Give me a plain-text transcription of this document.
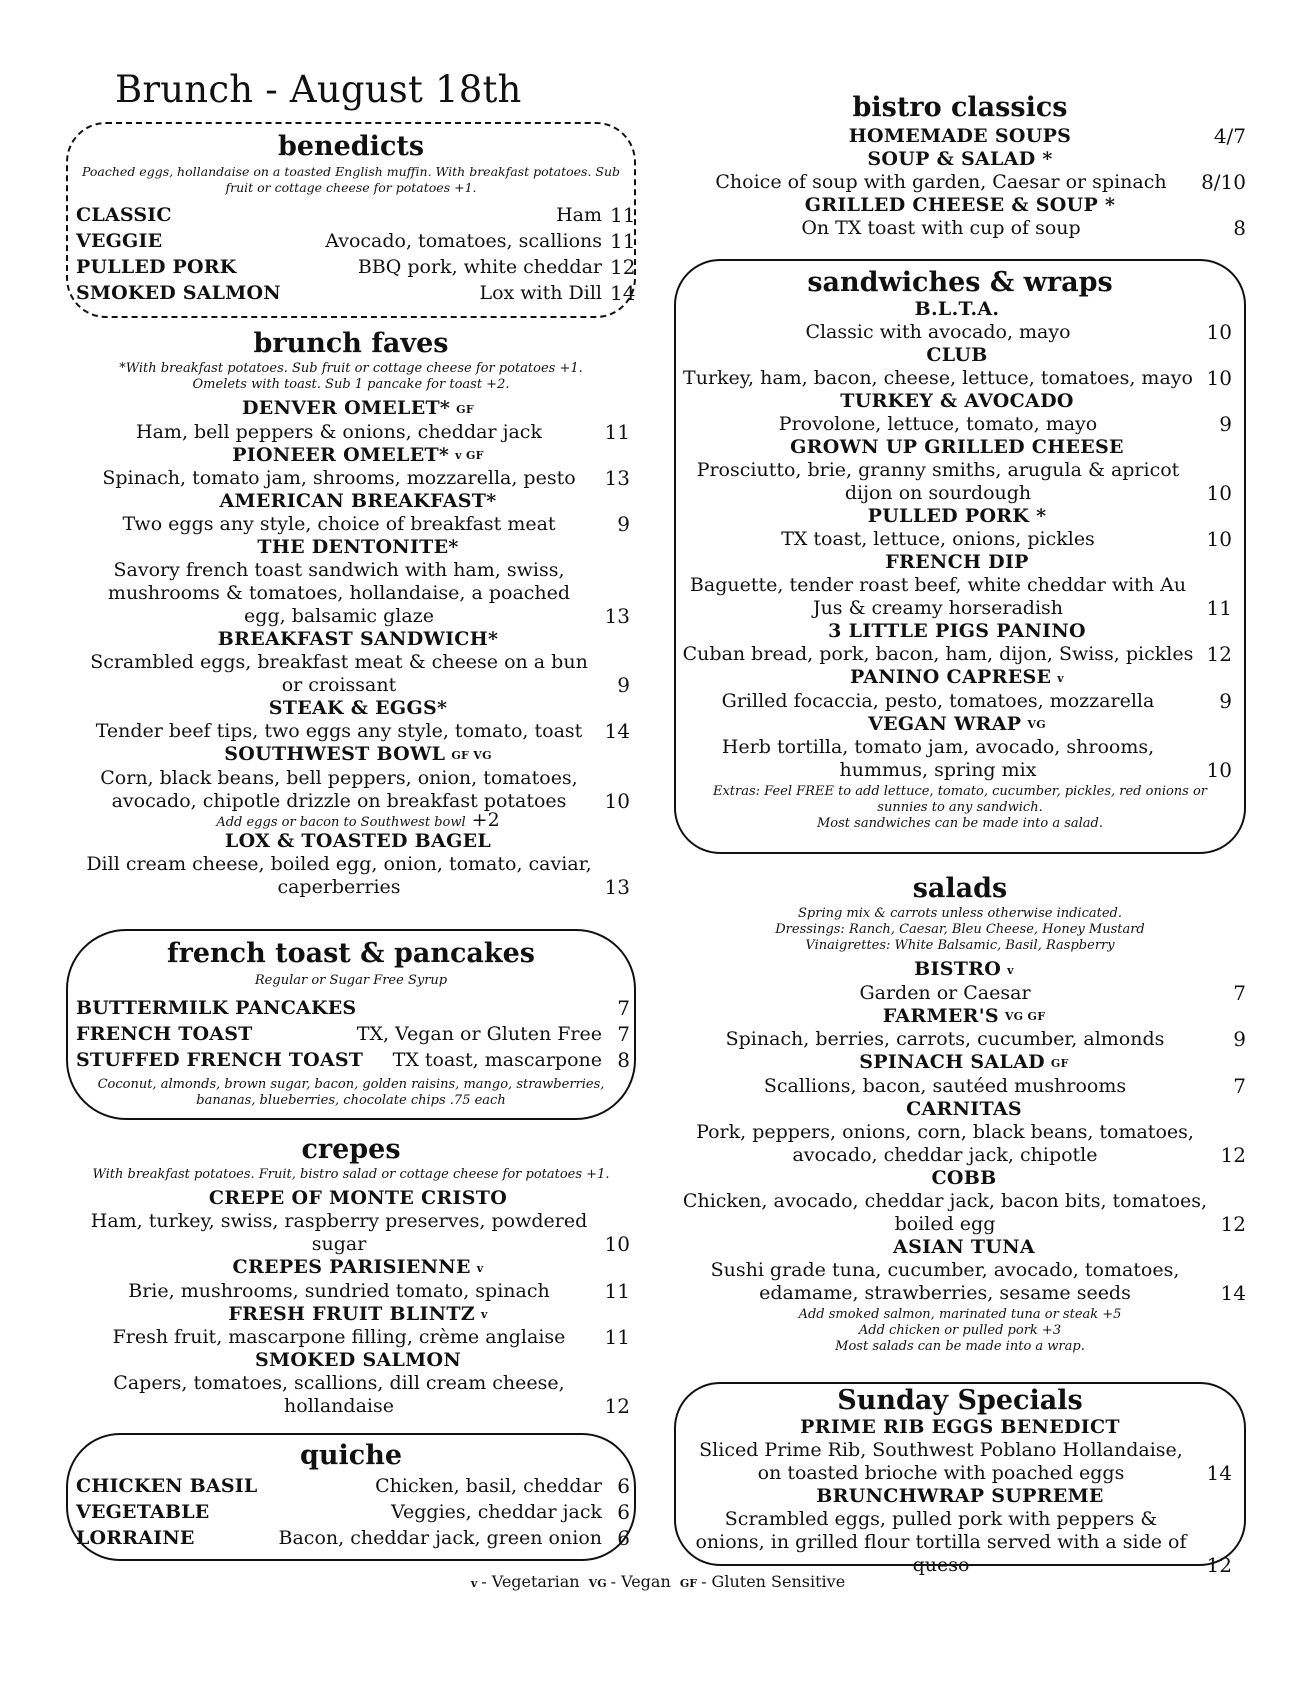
Brunch - August 18th
benedicts
Poached eggs, hollandaise on a toasted English muffin. With breakfast potatoes. Sub fruit or cottage cheese for potatoes +1.
CLASSIC	Ham 11
VEGGIE	Avocado, tomatoes, scallions 11
PULLED PORK	BBQ pork, white cheddar 12
SMOKED SALMON	Lox with Dill 14
brunch faves
*With breakfast potatoes. Sub fruit or cottage cheese for potatoes +1. Omelets with toast. Sub 1 pancake for toast +2.
DENVER OMELET* GF
Ham, bell peppers & onions, cheddar jack	11
PIONEER OMELET* v GF
Spinach, tomato jam, shrooms, mozzarella, pesto 13
AMERICAN BREAKFAST*
Two eggs any style, choice of breakfast meat	9
THE DENTONITE*
Savory french toast sandwich with ham, swiss, mushrooms & tomatoes, hollandaise, a poached egg, balsamic glaze	13
BREAKFAST SANDWICH*
Scrambled eggs, breakfast meat & cheese on a bun or croissant	9
STEAK & EGGS*
Tender beef tips, two eggs any style, tomato, toast 14
SOUTHWEST BOWL GF VG
Corn, black beans, bell peppers, onion, tomatoes, avocado, chipotle drizzle on breakfast potatoes 10
Add eggs or bacon to Southwest bowl +2
LOX & TOASTED BAGEL
Dill cream cheese, boiled egg, onion, tomato, caviar, caperberries	13
french toast & pancakes
Regular or Sugar Free Syrup
BUTTERMILK PANCAKES	7
FRENCH TOAST	TX, Vegan or Gluten Free 7
STUFFED FRENCH TOAST	TX toast, mascarpone 8
Coconut, almonds, brown sugar, bacon, golden raisins, mango, strawberries, bananas, blueberries, chocolate chips .75 each
crepes
With breakfast potatoes. Fruit, bistro salad or cottage cheese for potatoes +1.
CREPE OF MONTE CRISTO
Ham, turkey, swiss, raspberry preserves, powdered sugar	10
CREPES PARISIENNE v
Brie, mushrooms, sundried tomato, spinach	11
FRESH FRUIT BLINTZ v
Fresh fruit, mascarpone filling, crème anglaise 11
SMOKED SALMON
Capers, tomatoes, scallions, dill cream cheese, hollandaise	12
quiche
CHICKEN BASIL	Chicken, basil, cheddar 6
VEGETABLE	Veggies, cheddar jack 6
LORRAINE	Bacon, cheddar jack, green onion 6
bistro classics
HOMEMADE SOUPS	4/7
SOUP & SALAD *
Choice of soup with garden, Caesar or spinach 8/10
GRILLED CHEESE & SOUP *
On TX toast with cup of soup	8
sandwiches & wraps
B.L.T.A.
Classic with avocado, mayo	10
CLUB
Turkey, ham, bacon, cheese, lettuce, tomatoes, mayo 10
TURKEY & AVOCADO
Provolone, lettuce, tomato, mayo	9
GROWN UP GRILLED CHEESE
Prosciutto, brie, granny smiths, arugula & apricot dijon on sourdough	10
PULLED PORK *
TX toast, lettuce, onions, pickles	10
FRENCH DIP
Baguette, tender roast beef, white cheddar with Au Jus & creamy horseradish	11
3 LITTLE PIGS PANINO
Cuban bread, pork, bacon, ham, dijon, Swiss, pickles 12
PANINO CAPRESE v
Grilled focaccia, pesto, tomatoes, mozzarella	9
VEGAN WRAP VG
Herb tortilla, tomato jam, avocado, shrooms, hummus, spring mix	10
Extras: Feel FREE to add lettuce, tomato, cucumber, pickles, red onions or sunnies to any sandwich.
Most sandwiches can be made into a salad.
salads
Spring mix & carrots unless otherwise indicated.
Dressings: Ranch, Caesar, Bleu Cheese, Honey Mustard
Vinaigrettes: White Balsamic, Basil, Raspberry
BISTRO v
Garden or Caesar	7
FARMER'S VG GF
Spinach, berries, carrots, cucumber, almonds	9
SPINACH SALAD GF
Scallions, bacon, sautéed mushrooms	7
CARNITAS
Pork, peppers, onions, corn, black beans, tomatoes, avocado, cheddar jack, chipotle	12
COBB
Chicken, avocado, cheddar jack, bacon bits, tomatoes, boiled egg	12
ASIAN TUNA
Sushi grade tuna, cucumber, avocado, tomatoes, edamame, strawberries, sesame seeds	14
Add smoked salmon, marinated tuna or steak +5
Add chicken or pulled pork +3
Most salads can be made into a wrap.
Sunday Specials
PRIME RIB EGGS BENEDICT
Sliced Prime Rib, Southwest Poblano Hollandaise, on toasted brioche with poached eggs	14
BRUNCHWRAP SUPREME
Scrambled eggs, pulled pork with peppers & onions, in grilled flour tortilla served with a side of queso	12
v - Vegetarian VG - Vegan GF - Gluten Sensitive
